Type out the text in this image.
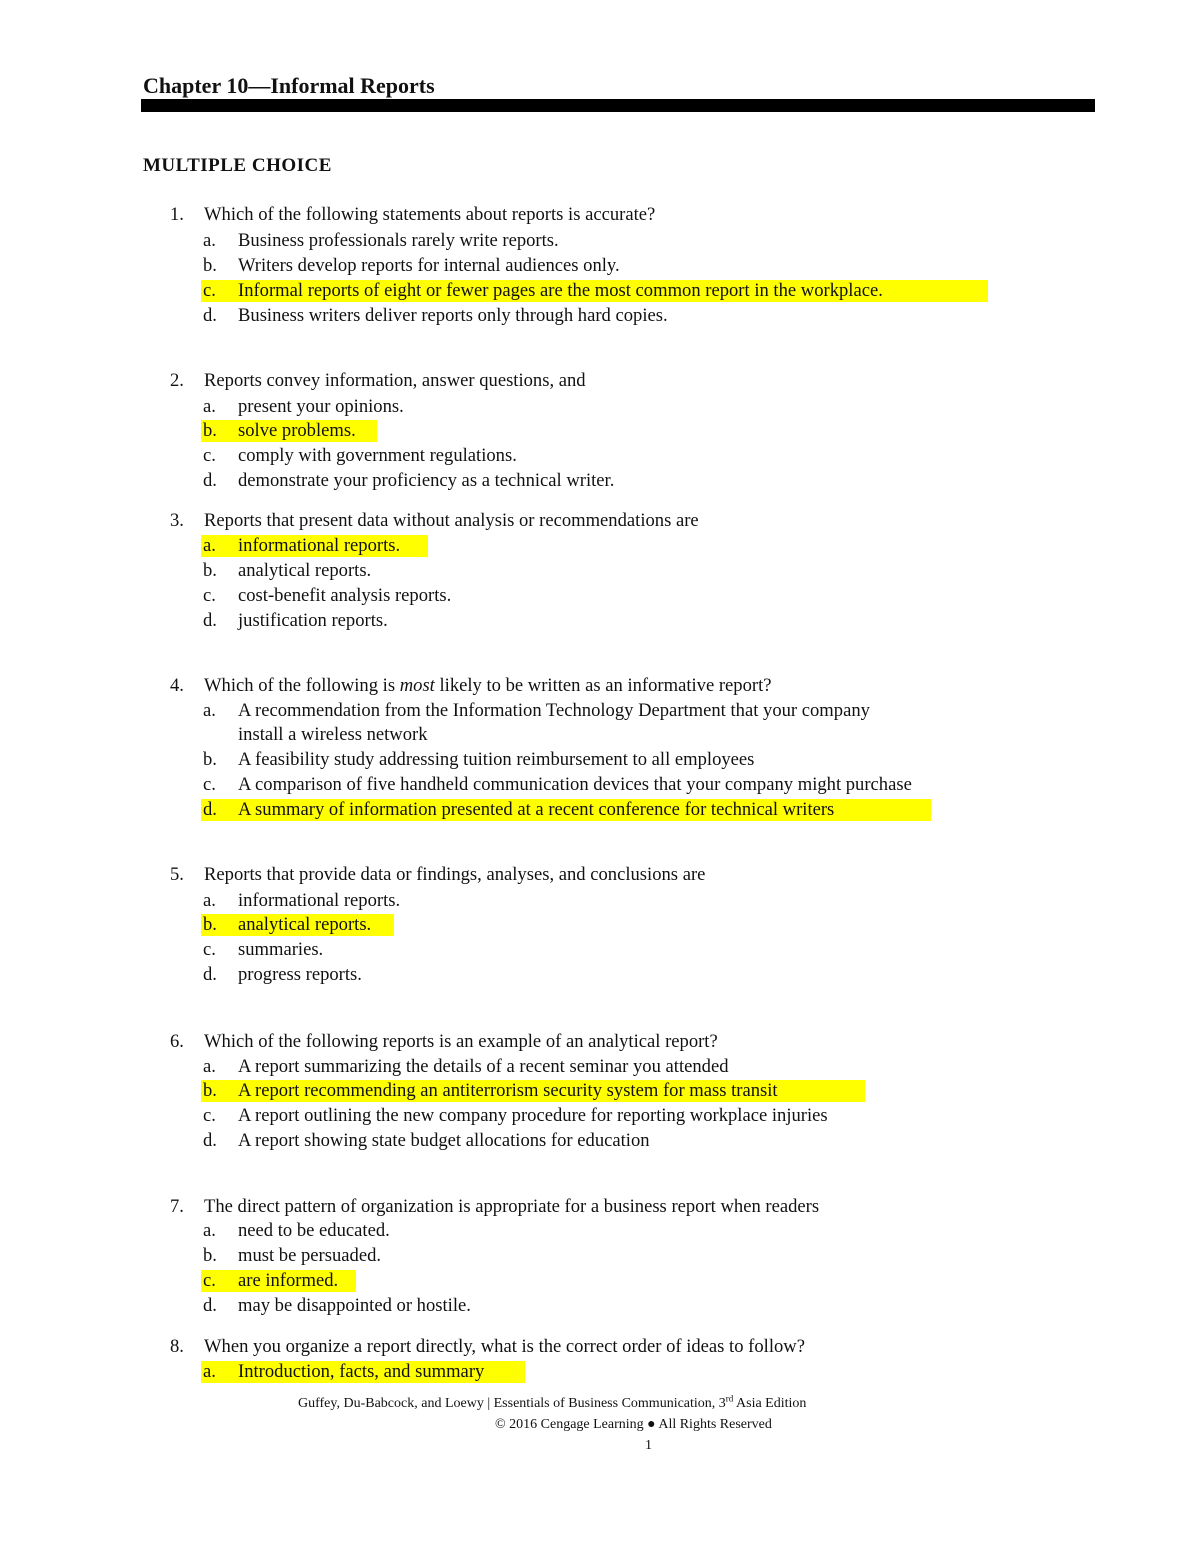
Chapter 10—Informal Reports
MULTIPLE CHOICE
1. Which of the following statements about reports is accurate?
a. Business professionals rarely write reports.
b. Writers develop reports for internal audiences only.
c. Informal reports of eight or fewer pages are the most common report in the workplace.
d. Business writers deliver reports only through hard copies.
2. Reports convey information, answer questions, and
a. present your opinions.
b. solve problems.
c. comply with government regulations.
d. demonstrate your proficiency as a technical writer.
3. Reports that present data without analysis or recommendations are
a. informational reports.
b. analytical reports.
c. cost-benefit analysis reports.
d. justification reports.
4. Which of the following is most likely to be written as an informative report?
a. A recommendation from the Information Technology Department that your company
install a wireless network
b. A feasibility study addressing tuition reimbursement to all employees
c. A comparison of five handheld communication devices that your company might purchase
d. A summary of information presented at a recent conference for technical writers
5. Reports that provide data or findings, analyses, and conclusions are
a. informational reports.
b. analytical reports.
c. summaries.
d. progress reports.
6. Which of the following reports is an example of an analytical report?
a. A report summarizing the details of a recent seminar you attended
b. A report recommending an antiterrorism security system for mass transit
c. A report outlining the new company procedure for reporting workplace injuries
d. A report showing state budget allocations for education
7. The direct pattern of organization is appropriate for a business report when readers
a. need to be educated.
b. must be persuaded.
c. are informed.
d. may be disappointed or hostile.
8. When you organize a report directly, what is the correct order of ideas to follow?
a. Introduction, facts, and summary
Guffey, Du-Babcock, and Loewy | Essentials of Business Communication, 3rd Asia Edition
© 2016 Cengage Learning ● All Rights Reserved
1
